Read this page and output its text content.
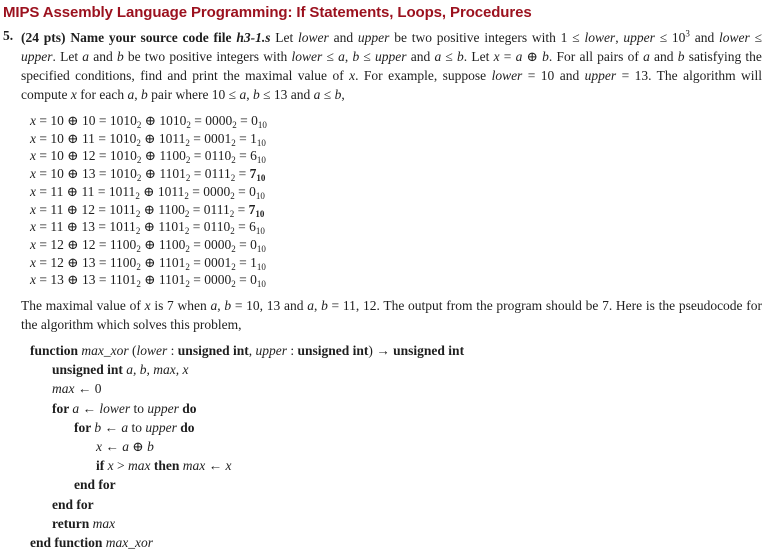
MIPS Assembly Language Programming: If Statements, Loops, Procedures
5. (24 pts) Name your source code file h3-1.s Let lower and upper be two positive integers with 1 ≤ lower, upper ≤ $10^3$ and lower ≤ upper. Let a and b be two positive integers with lower ≤ a, b ≤ upper and a ≤ b. Let x = a ⊕ b. For all pairs of a and b satisfying the specified conditions, find and print the maximal value of x. For example, suppose lower = 10 and upper = 13. The algorithm will compute x for each a, b pair where 10 ≤ a, b ≤ 13 and a ≤ b,
x = 10 ⊕ $10 = 1010_2$ ⊕ $1010_2 = 0000_2 = 0_{10}$
x = 10 ⊕ $11 = 1010_2$ ⊕ $1011_2 = 0001_2 = 1_{10}$
x = 10 ⊕ $12 = 1010_2$ ⊕ $1100_2 = 0110_2 = 6_{10}$
x = 10 ⊕ $13 = 1010_2$ ⊕ $1101_2 = 0111_2 = 7_{10}$
x = 11 ⊕ $11 = 1011_2$ ⊕ $1011_2 = 0000_2 = 0_{10}$
x = 11 ⊕ $12 = 1011_2$ ⊕ $1100_2 = 0111_2 = 7_{10}$
x = 11 ⊕ $13 = 1011_2$ ⊕ $1101_2 = 0110_2 = 6_{10}$
x = 12 ⊕ $12 = 1100_2$ ⊕ $1100_2 = 0000_2 = 0_{10}$
x = 12 ⊕ $13 = 1100_2$ ⊕ $1101_2 = 0001_2 = 1_{10}$
x = 13 ⊕ $13 = 1101_2$ ⊕ $1101_2 = 0000_2 = 0_{10}$
The maximal value of x is 7 when a, b = 10, 13 and a, b = 11, 12. The output from the program should be 7. Here is the pseudocode for the algorithm which solves this problem,
function max_xor (lower : unsigned int, upper : unsigned int) → unsigned int
unsigned int a, b, max, x
max ← 0
for a ← lower to upper do
for b ← a to upper do
x ← a ⊕ b
if x > max then max ← x
end for
end for
return max
end function max_xor
